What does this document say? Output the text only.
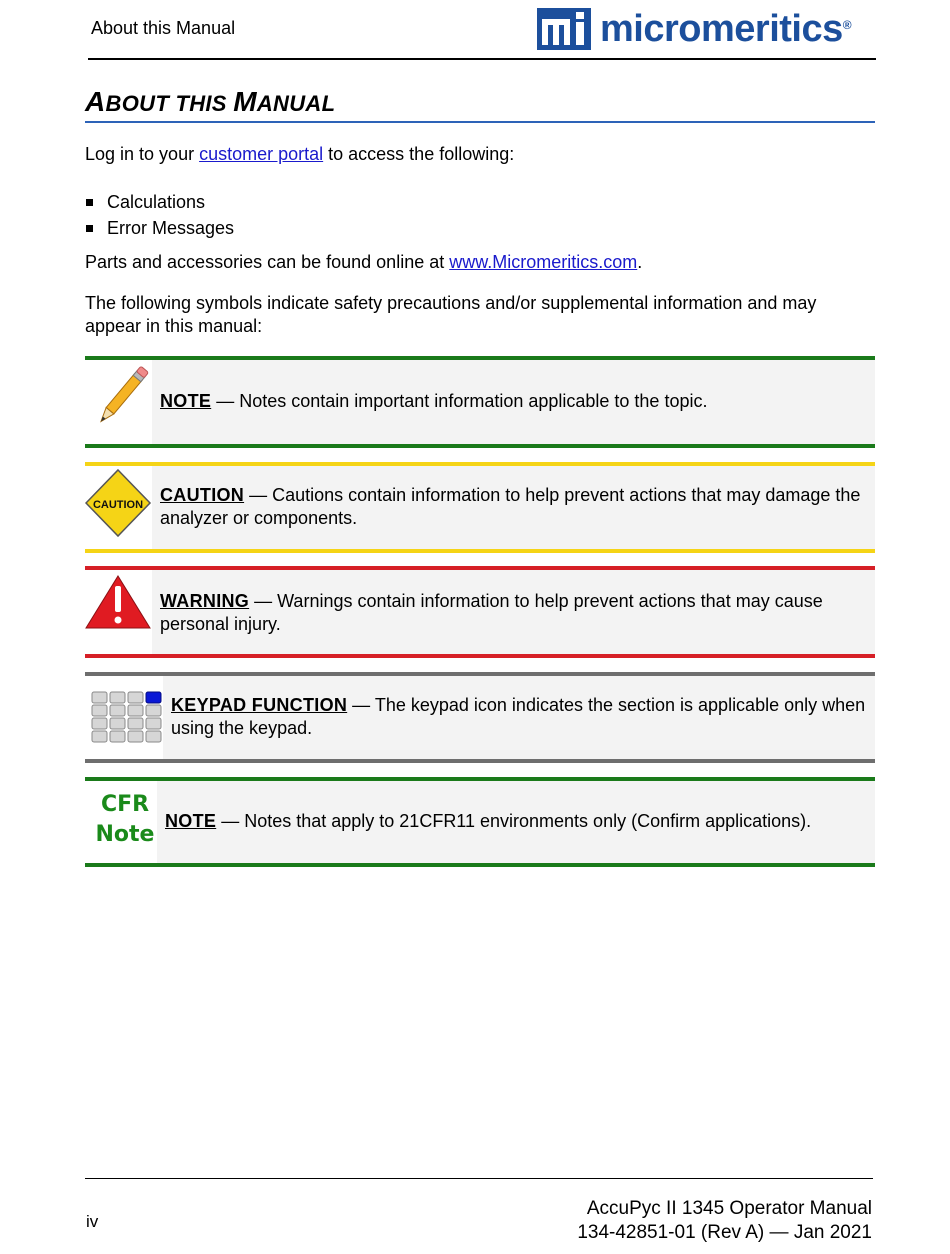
About this Manual	micromeritics®
ABOUT THIS MANUAL
Log in to your customer portal to access the following:
Calculations
Error Messages
Parts and accessories can be found online at www.Micromeritics.com.
The following symbols indicate safety precautions and/or supplemental information and may appear in this manual:
NOTE — Notes contain important information applicable to the topic.
CAUTION CAUTION — Cautions contain information to help prevent actions that may damage the analyzer or components.
WARNING — Warnings contain information to help prevent actions that may cause personal injury.
KEYPAD FUNCTION — The keypad icon indicates the section is applicable only when using the keypad.
CFR
Note
NOTE — Notes that apply to 21CFR11 environments only (Confirm applications).
iv
AccuPyc II 1345 Operator Manual
134-42851-01 (Rev A) — Jan 2021
